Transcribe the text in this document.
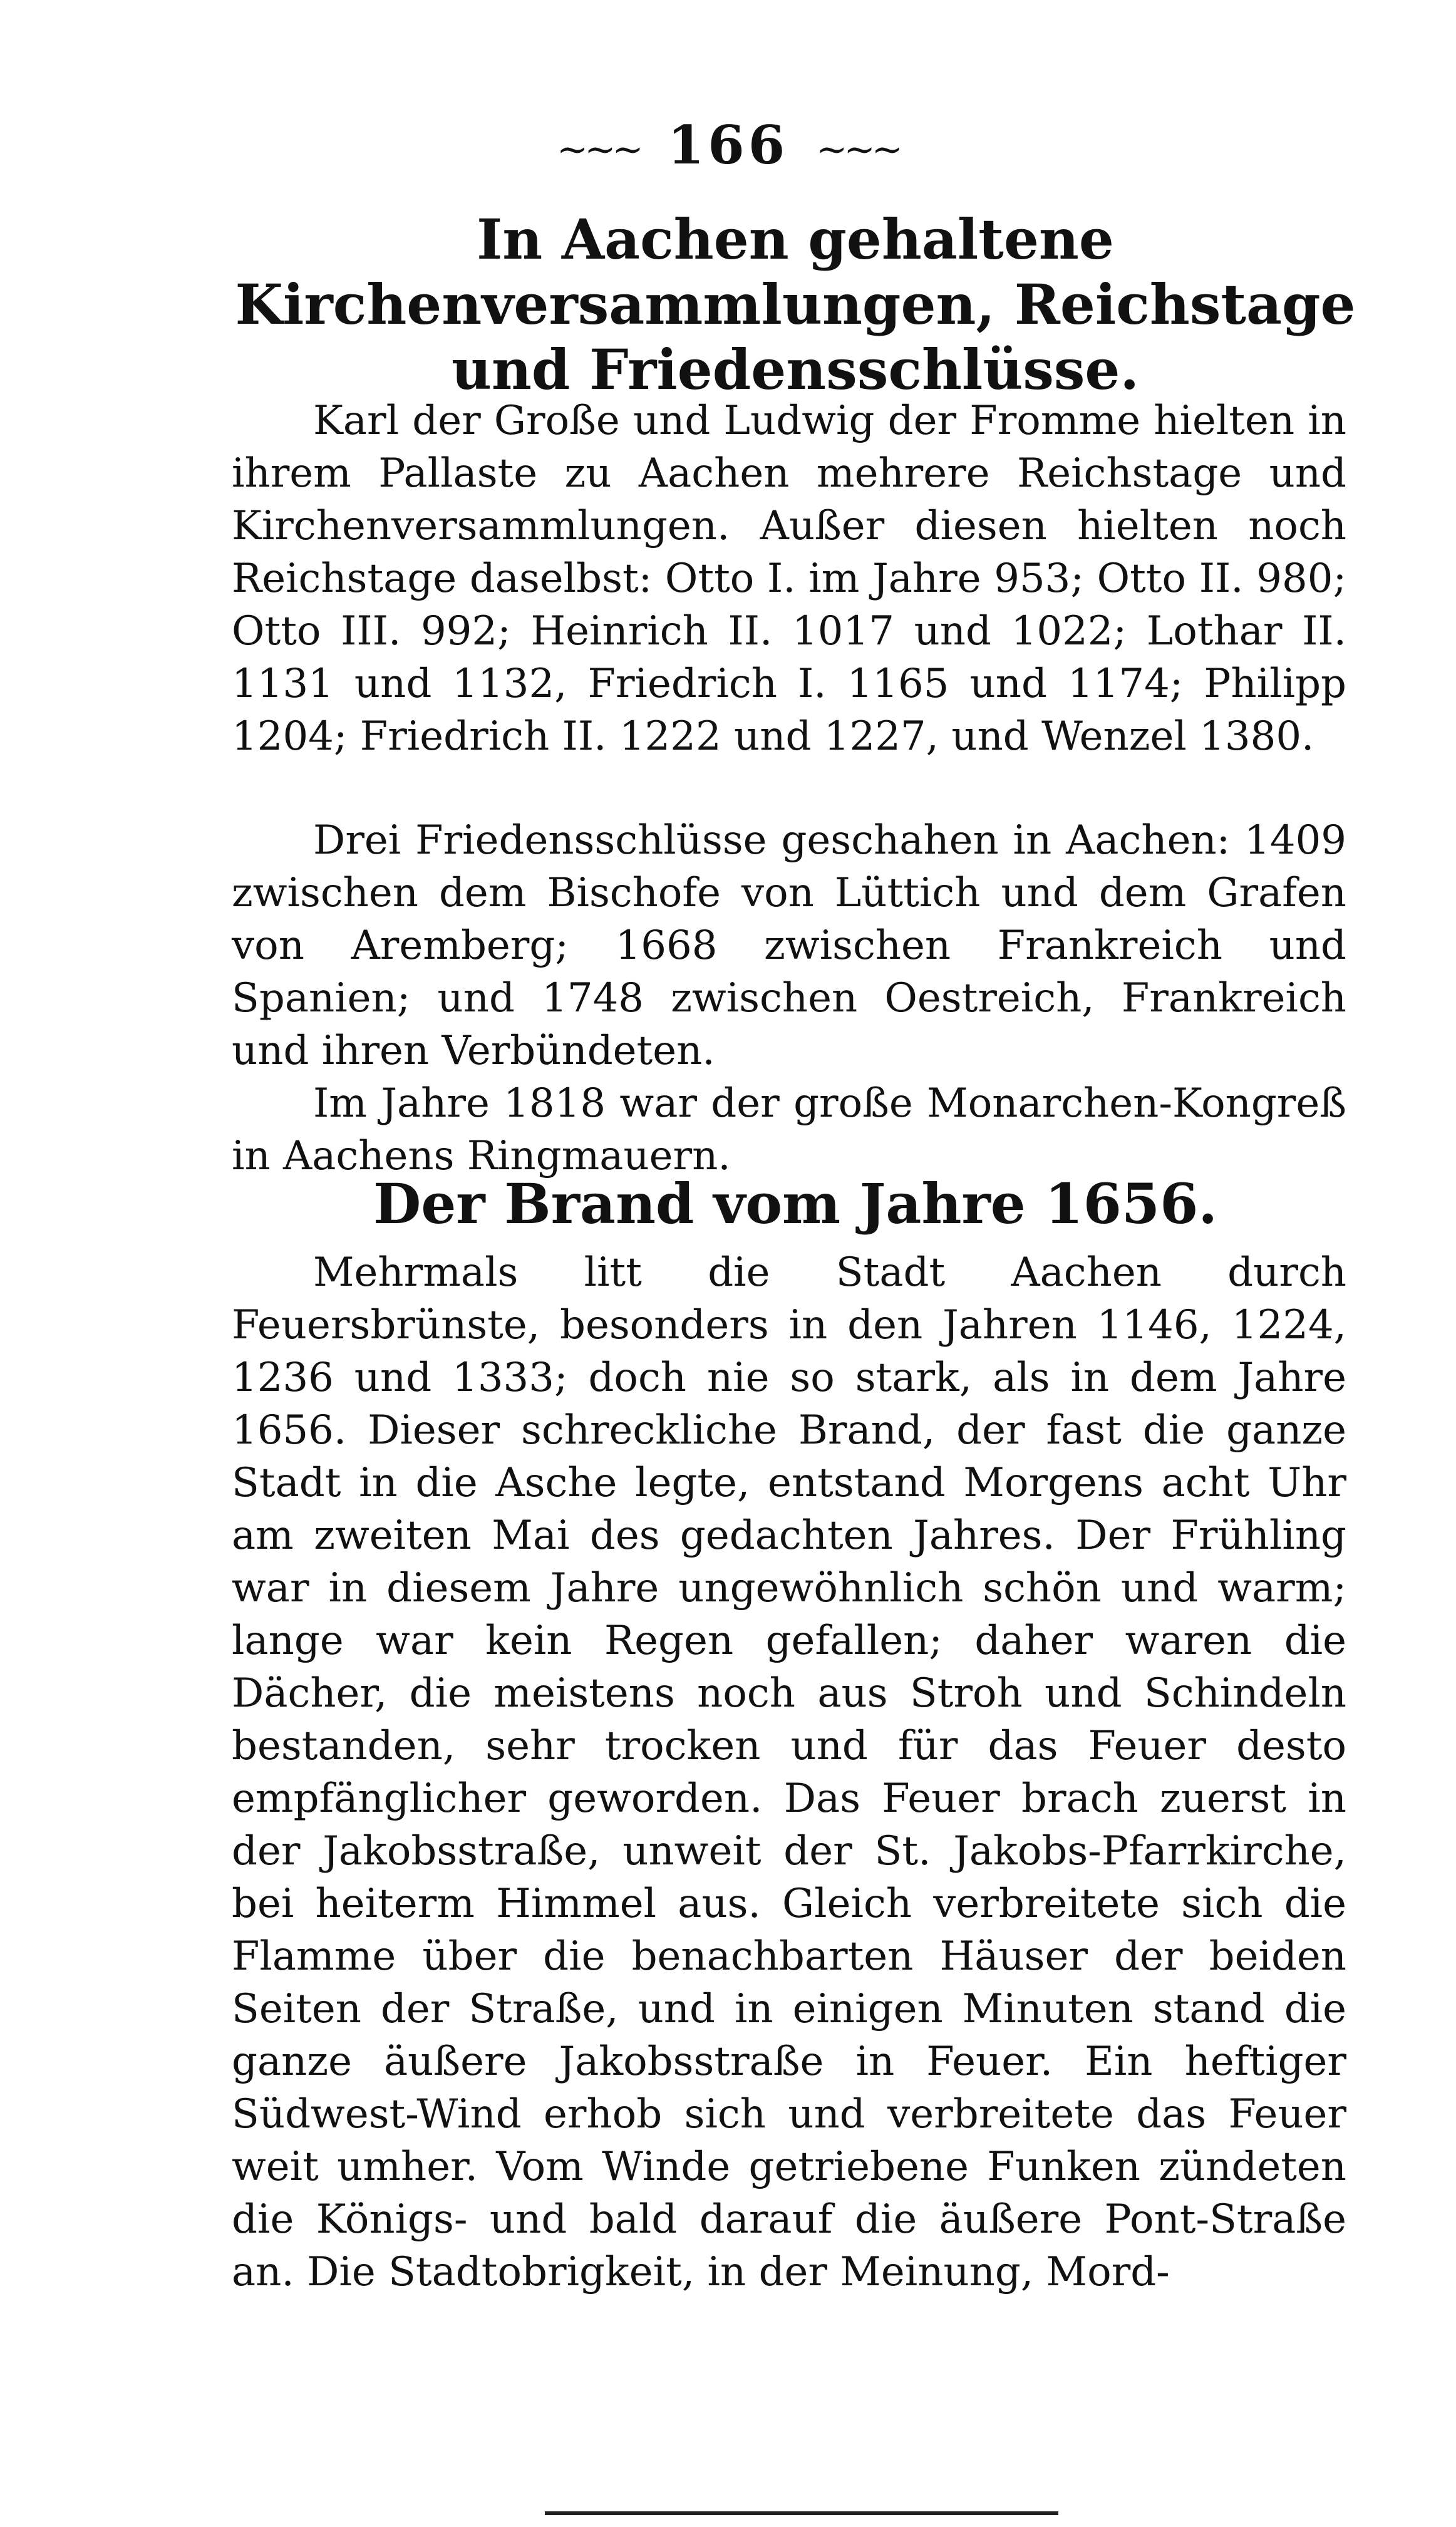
~~~ 166 ~~~
In Aachen gehaltene Kirchenversammlungen, Reichstage und Friedensschlüsse.

Karl der Große und Ludwig der Fromme hielten in ihrem Pallaste zu Aachen mehrere Reichstage und Kirchenversammlungen. Außer diesen hielten noch Reichstage daselbst: Otto I. im Jahre 953; Otto II. 980; Otto III. 992; Heinrich II. 1017 und 1022; Lothar II. 1131 und 1132, Friedrich I. 1165 und 1174; Philipp 1204; Friedrich II. 1222 und 1227, und Wenzel 1380.

Drei Friedensschlüsse geschahen in Aachen: 1409 zwischen dem Bischofe von Lüttich und dem Grafen von Aremberg; 1668 zwischen Frankreich und Spanien; und 1748 zwischen Oestreich, Frankreich und ihren Verbündeten.

Im Jahre 1818 war der große Monarchen-Kongreß in Aachens Ringmauern.

Der Brand vom Jahre 1656.

Mehrmals litt die Stadt Aachen durch Feuersbrünste, besonders in den Jahren 1146, 1224, 1236 und 1333; doch nie so stark, als in dem Jahre 1656. Dieser schreckliche Brand, der fast die ganze Stadt in die Asche legte, entstand Morgens acht Uhr am zweiten Mai des gedachten Jahres. Der Frühling war in diesem Jahre ungewöhnlich schön und warm; lange war kein Regen gefallen; daher waren die Dächer, die meistens noch aus Stroh und Schindeln bestanden, sehr trocken und für das Feuer desto empfänglicher geworden. Das Feuer brach zuerst in der Jakobsstraße, unweit der St. Jakobs-Pfarrkirche, bei heiterm Himmel aus. Gleich verbreitete sich die Flamme über die benachbarten Häuser der beiden Seiten der Straße, und in einigen Minuten stand die ganze äußere Jakobsstraße in Feuer. Ein heftiger Südwest-Wind erhob sich und verbreitete das Feuer weit umher. Vom Winde getriebene Funken zündeten die Königs- und bald darauf die äußere Pont-Straße an. Die Stadtobrigkeit, in der Meinung, Mord-
